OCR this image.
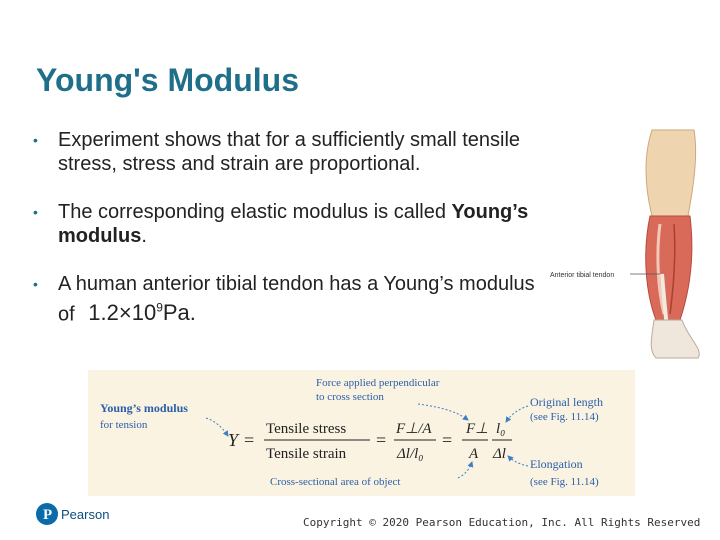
Young's Modulus
• Experiment shows that for a sufficiently small tensile stress, stress and strain are proportional.
• The corresponding elastic modulus is called Young’s modulus.
• A human anterior tibial tendon has a Young’s modulus of $1.2\times 10^9Pa$.
Anterior tibial tendon
Young’s modulus
for tension
Y =
Tensile stress
Tensile strain
=
F⊥/A
Δl/l₀
=
F⊥
A
l₀
Δl
Force applied perpendicular
to cross section	Original length
(see Fig. 11.14)
Elongation
(see Fig. 11.14)
Cross-sectional area of object
P Pearson
Copyright © 2020 Pearson Education, Inc. All Rights Reserved
